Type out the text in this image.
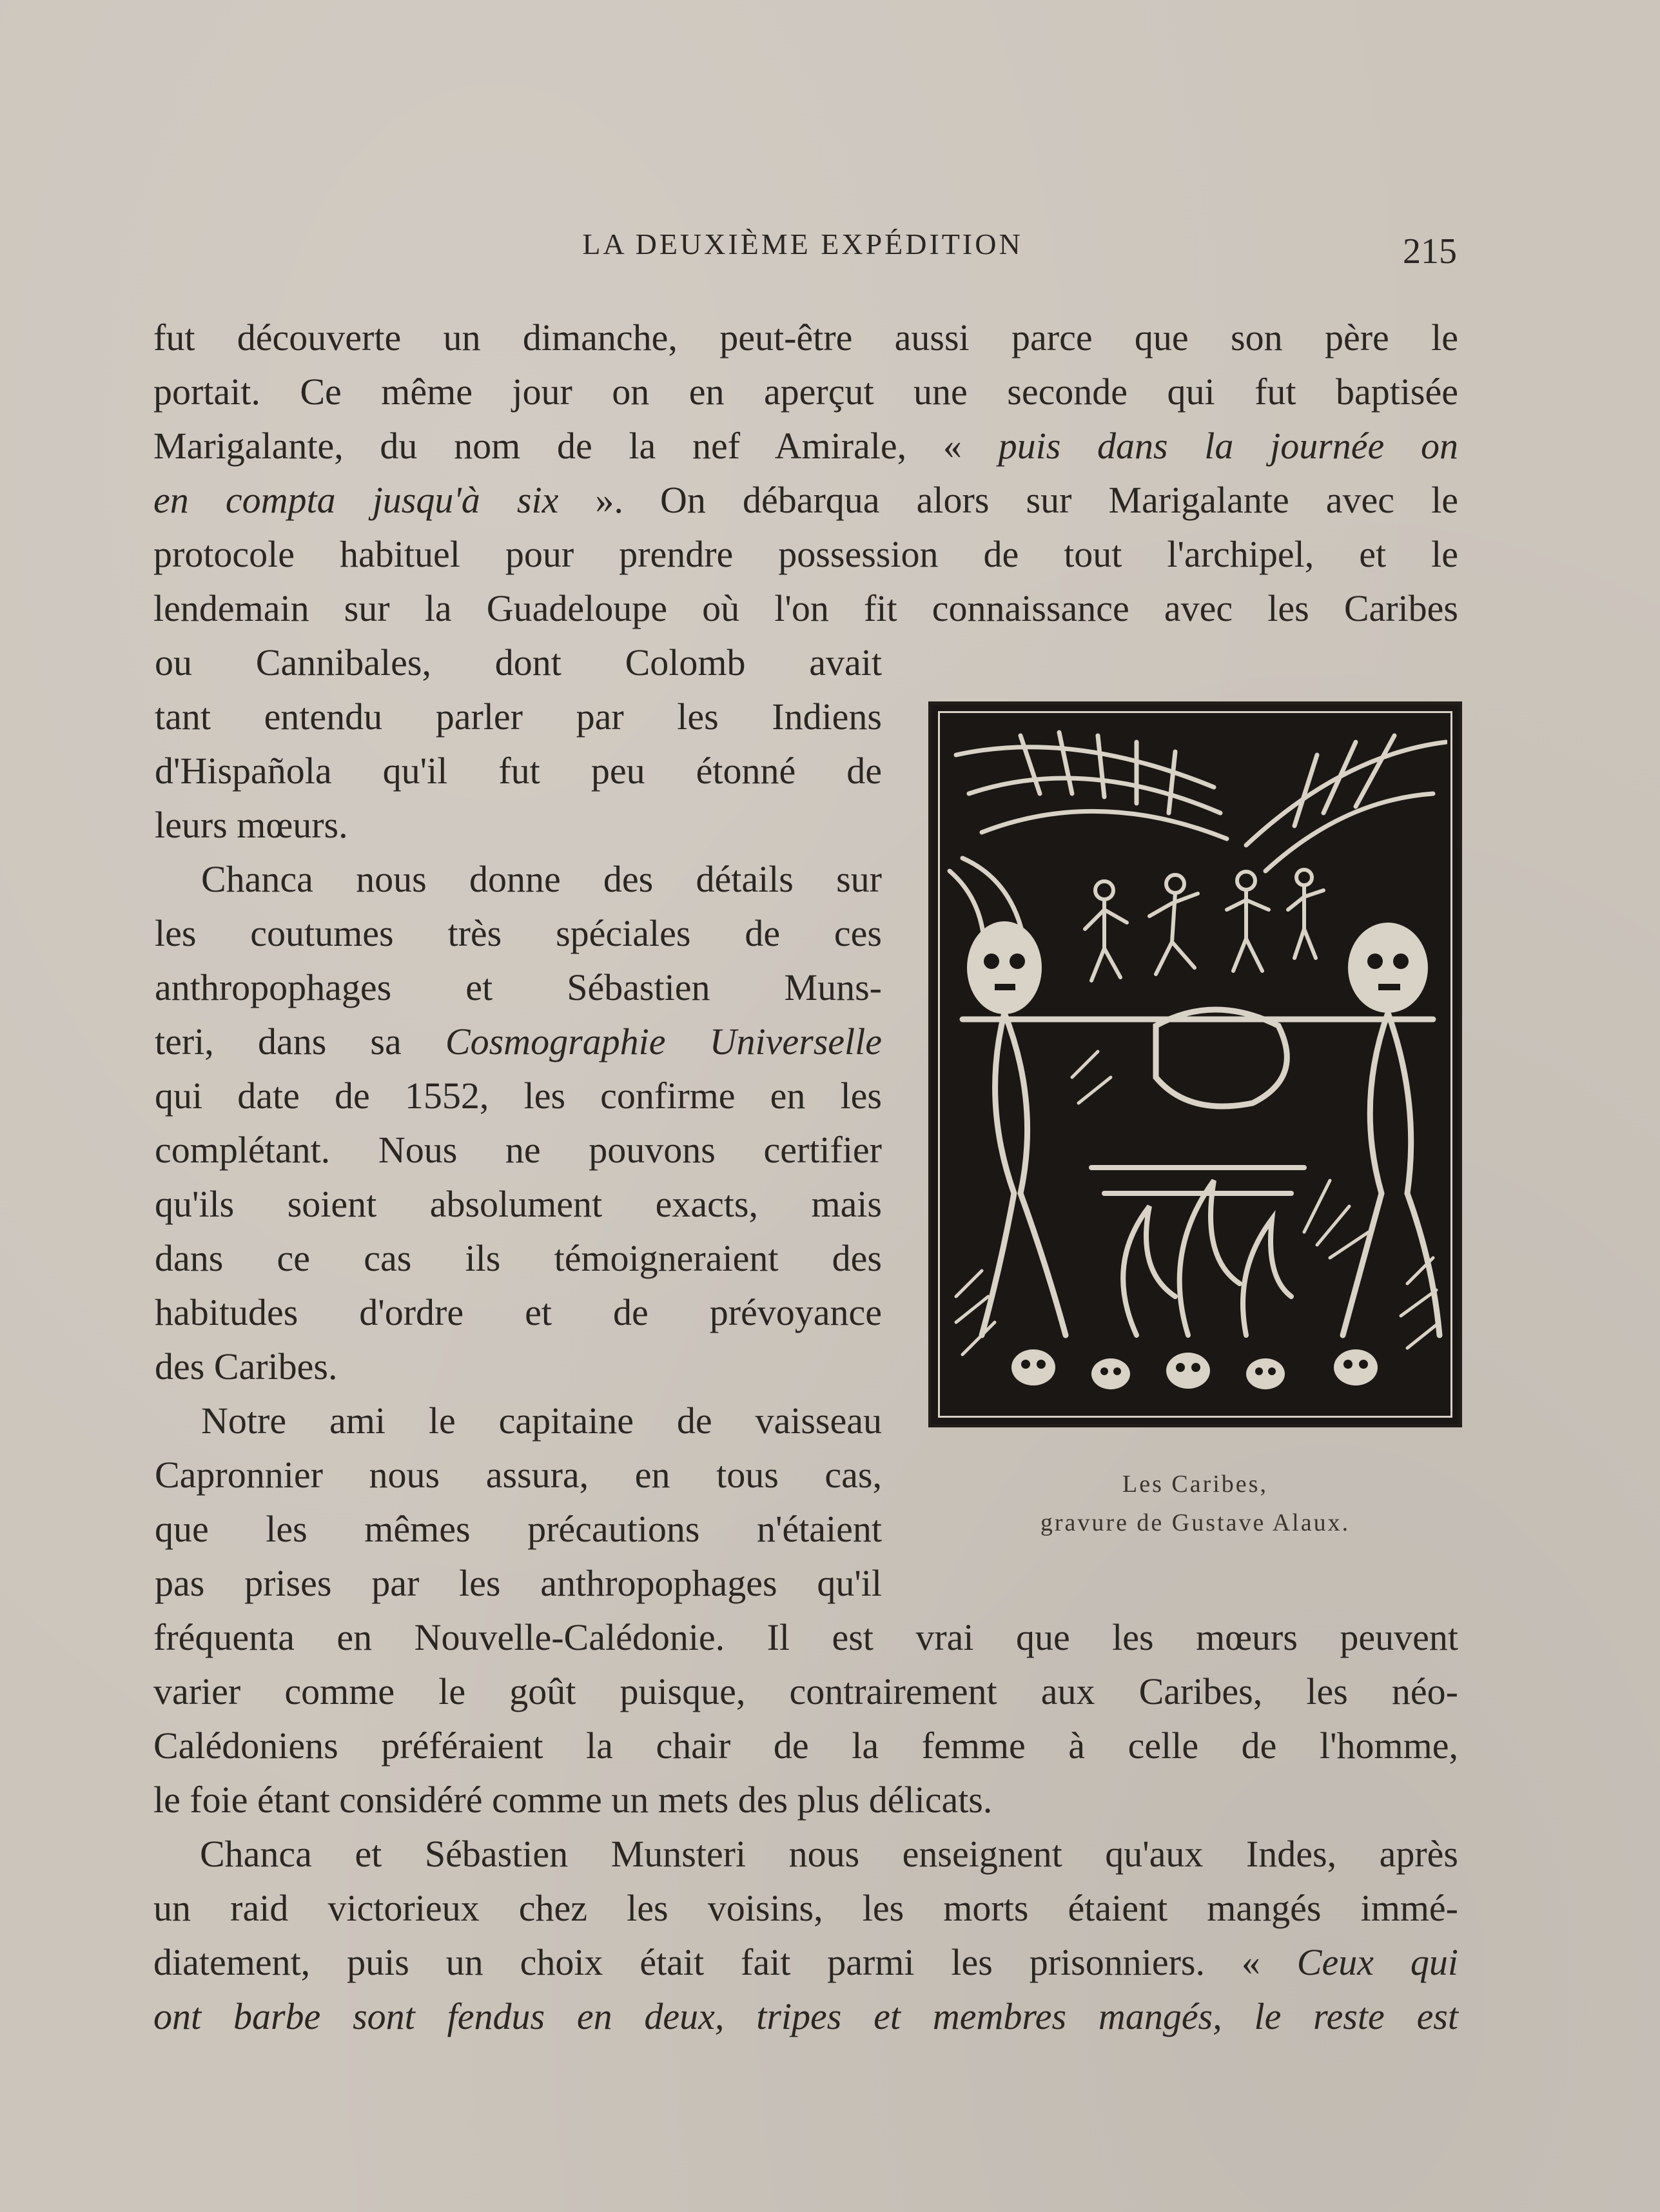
LA DEUXIÈME EXPÉDITION	215
fut découverte un dimanche, peut-être aussi parce que son père le
portait. Ce même jour on en aperçut une seconde qui fut baptisée
Marigalante, du nom de la nef Amirale, « puis dans la journée on
en compta jusqu'à six ». On débarqua alors sur Marigalante avec le
protocole habituel pour prendre possession de tout l'archipel, et le
lendemain sur la Guadeloupe où l'on fit connaissance avec les Caribes
ou Cannibales, dont Colomb avait
tant entendu parler par les Indiens
d'Hispañola qu'il fut peu étonné de
leurs mœurs.
Chanca nous donne des détails sur
les coutumes très spéciales de ces
anthropophages et Sébastien Muns-
teri, dans sa Cosmographie Universelle
qui date de 1552, les confirme en les
complétant. Nous ne pouvons certifier
qu'ils soient absolument exacts, mais
dans ce cas ils témoigneraient des
habitudes d'ordre et de prévoyance
des Caribes.
Notre ami le capitaine de vaisseau
Capronnier nous assura, en tous cas,
que les mêmes précautions n'étaient
pas prises par les anthropophages qu'il
Les Caribes,
gravure de Gustave Alaux.
fréquenta en Nouvelle-Calédonie. Il est vrai que les mœurs peuvent
varier comme le goût puisque, contrairement aux Caribes, les néo-
Calédoniens préféraient la chair de la femme à celle de l'homme,
le foie étant considéré comme un mets des plus délicats.
Chanca et Sébastien Munsteri nous enseignent qu'aux Indes, après
un raid victorieux chez les voisins, les morts étaient mangés immé-
diatement, puis un choix était fait parmi les prisonniers. « Ceux qui
ont barbe sont fendus en deux, tripes et membres mangés, le reste est
